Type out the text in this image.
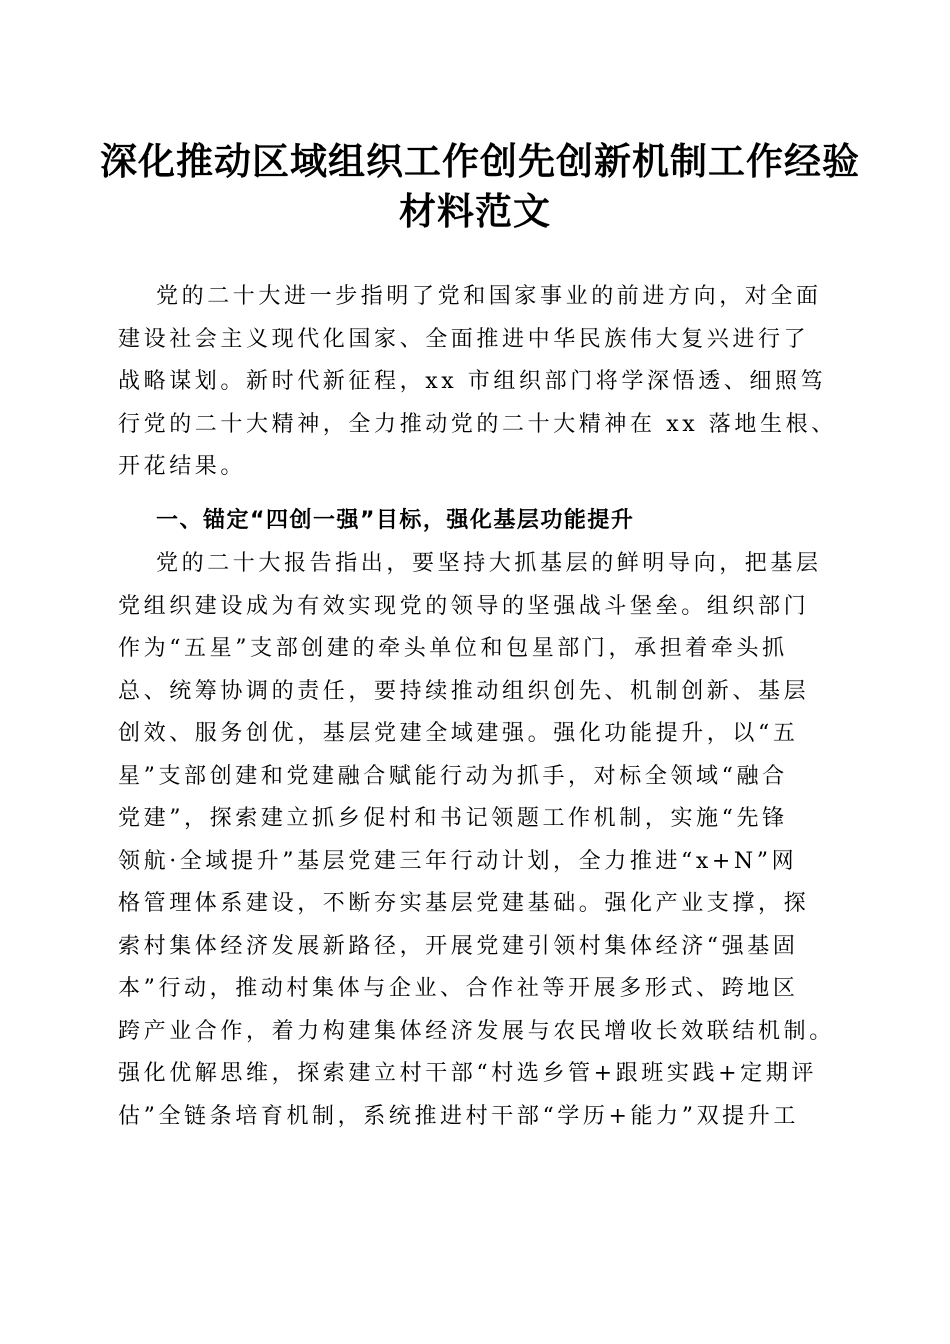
深化推动区域组织工作创先创新机制工作经验
材料范文
党的二十大进一步指明了党和国家事业的前进方向，对全面
建设社会主义现代化国家、全面推进中华民族伟大复兴进行了
战略谋划。新时代新征程，xx 市组织部门将学深悟透、细照笃
行党的二十大精神，全力推动党的二十大精神在 xx 落地生根、
开花结果。
一、锚定“四创一强”目标，强化基层功能提升
党的二十大报告指出，要坚持大抓基层的鲜明导向，把基层
党组织建设成为有效实现党的领导的坚强战斗堡垒。组织部门
作为“五星”支部创建的牵头单位和包星部门，承担着牵头抓
总、统筹协调的责任，要持续推动组织创先、机制创新、基层
创效、服务创优，基层党建全域建强。强化功能提升，以“五
星”支部创建和党建融合赋能行动为抓手，对标全领域“融合
党建”，探索建立抓乡促村和书记领题工作机制，实施“先锋
领航·全域提升”基层党建三年行动计划，全力推进“x+N”网
格管理体系建设，不断夯实基层党建基础。强化产业支撑，探
索村集体经济发展新路径，开展党建引领村集体经济“强基固
本”行动，推动村集体与企业、合作社等开展多形式、跨地区
跨产业合作，着力构建集体经济发展与农民增收长效联结机制。
强化优解思维，探索建立村干部“村选乡管+跟班实践+定期评
估”全链条培育机制，系统推进村干部“学历+能力”双提升工
